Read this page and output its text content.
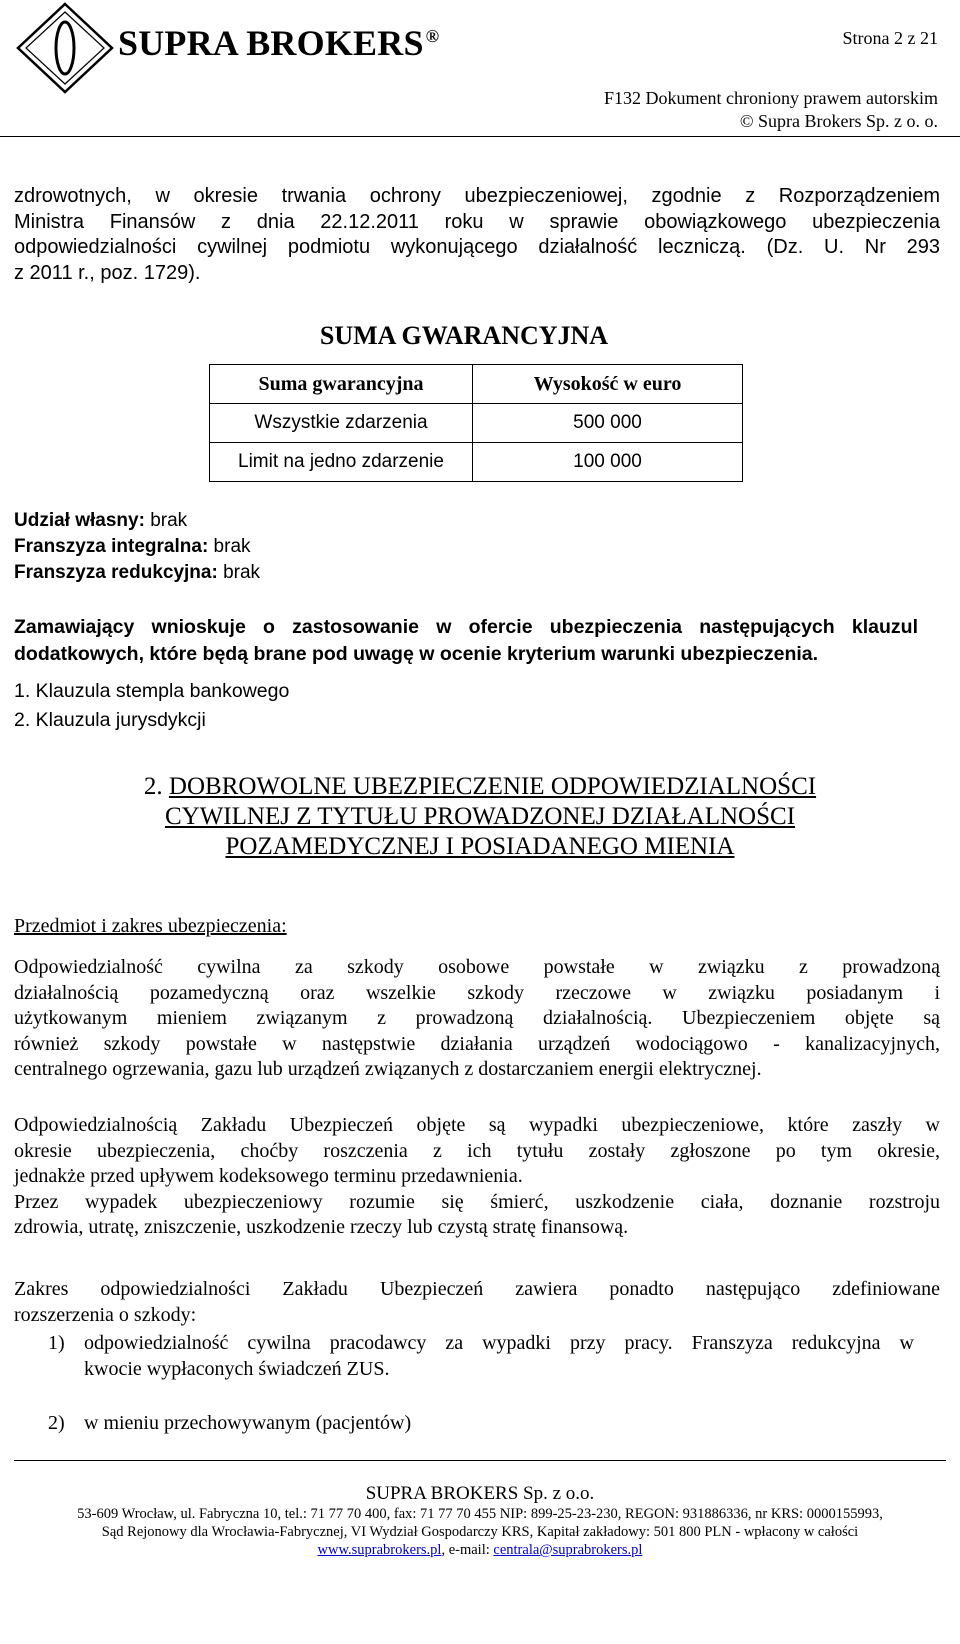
SUPRA BROKERS ®	Strona 2 z 21
F132 Dokument chroniony prawem autorskim
© Supra Brokers Sp. z o. o.
zdrowotnych, w okresie trwania ochrony ubezpieczeniowej, zgodnie z Rozporządzeniem
Ministra Finansów z dnia 22.12.2011 roku w sprawie obowiązkowego ubezpieczenia
odpowiedzialności cywilnej podmiotu wykonującego działalność leczniczą. (Dz. U. Nr 293
z 2011 r., poz. 1729).
SUMA GWARANCYJNA
Suma gwarancyjna	Wysokość w euro
Wszystkie zdarzenia	500 000
Limit na jedno zdarzenie	100 000
Udział własny: brak
Franszyza integralna: brak
Franszyza redukcyjna: brak
Zamawiający wnioskuje o zastosowanie w ofercie ubezpieczenia następujących klauzul
dodatkowych, które będą brane pod uwagę w ocenie kryterium warunki ubezpieczenia.
1. Klauzula stempla bankowego
2. Klauzula jurysdykcji
2. DOBROWOLNE UBEZPIECZENIE ODPOWIEDZIALNOŚCI
CYWILNEJ Z TYTUŁU PROWADZONEJ DZIAŁALNOŚCI
POZAMEDYCZNEJ I POSIADANEGO MIENIA
Przedmiot i zakres ubezpieczenia:
Odpowiedzialność cywilna za szkody osobowe powstałe w związku z prowadzoną
działalnością pozamedyczną oraz wszelkie szkody rzeczowe w związku posiadanym i
użytkowanym mieniem związanym z prowadzoną działalnością. Ubezpieczeniem objęte są
również szkody powstałe w następstwie działania urządzeń wodociągowo - kanalizacyjnych,
centralnego ogrzewania, gazu lub urządzeń związanych z dostarczaniem energii elektrycznej.
Odpowiedzialnością Zakładu Ubezpieczeń objęte są wypadki ubezpieczeniowe, które zaszły w
okresie ubezpieczenia, choćby roszczenia z ich tytułu zostały zgłoszone po tym okresie,
jednakże przed upływem kodeksowego terminu przedawnienia.
Przez wypadek ubezpieczeniowy rozumie się śmierć, uszkodzenie ciała, doznanie rozstroju
zdrowia, utratę, zniszczenie, uszkodzenie rzeczy lub czystą stratę finansową.
Zakres odpowiedzialności Zakładu Ubezpieczeń zawiera ponadto następująco zdefiniowane
rozszerzenia o szkody:
1) odpowiedzialność cywilna pracodawcy za wypadki przy pracy. Franszyza redukcyjna w
kwocie wypłaconych świadczeń ZUS.
2) w mieniu przechowywanym (pacjentów)
SUPRA BROKERS Sp. z o.o.
53-609 Wrocław, ul. Fabryczna 10, tel.: 71 77 70 400, fax: 71 77 70 455 NIP: 899-25-23-230, REGON: 931886336, nr KRS: 0000155993,
Sąd Rejonowy dla Wrocławia-Fabrycznej, VI Wydział Gospodarczy KRS, Kapitał zakładowy: 501 800 PLN - wpłacony w całości
www.suprabrokers.pl, e-mail: centrala@suprabrokers.pl
